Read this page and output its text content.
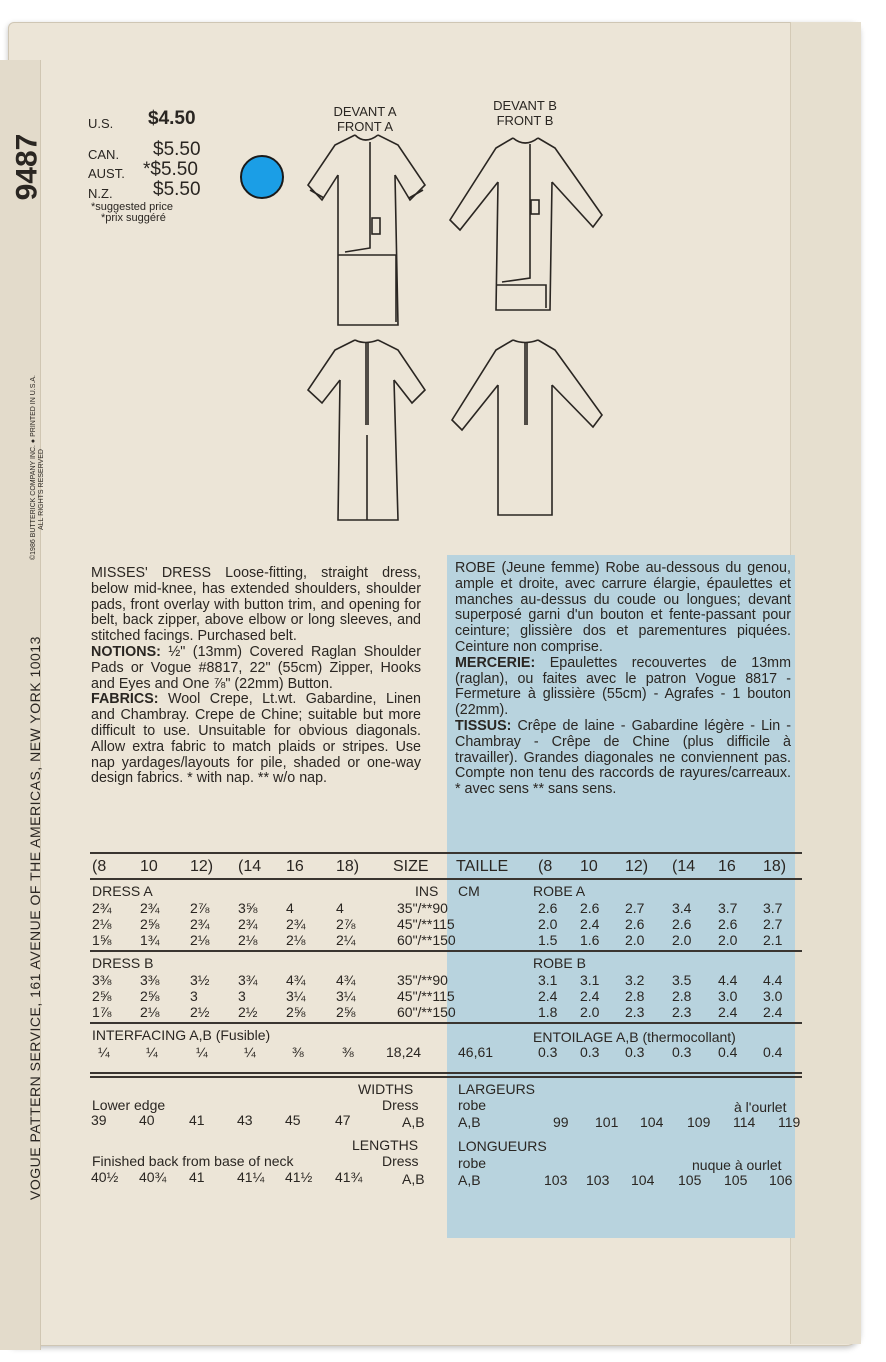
9487
VOGUE PATTERN SERVICE, 161 AVENUE OF THE AMERICAS, NEW YORK 10013
©1986 BUTTERICK COMPANY INC. ● PRINTED IN U.S.A. ALL RIGHTS RESERVED
U.S. $4.50
CAN. $5.50
AUST. *$5.50
N.Z. $5.50
*suggested price
*prix suggéré
DEVANT A
FRONT A
DEVANT B
FRONT B
MISSES' DRESS Loose-fitting, straight dress, below mid-knee, has extended shoulders, shoulder pads, front overlay with button trim, and opening for belt, back zipper, above elbow or long sleeves, and stitched facings. Purchased belt.
NOTIONS: ½" (13mm) Covered Raglan Shoulder Pads or Vogue #8817, 22" (55cm) Zipper, Hooks and Eyes and One ⅞" (22mm) Button.
FABRICS: Wool Crepe, Lt.wt. Gabardine, Linen and Chambray. Crepe de Chine; suitable but more difficult to use. Unsuitable for obvious diagonals. Allow extra fabric to match plaids or stripes. Use nap yardages/layouts for pile, shaded or one-way design fabrics. * with nap. ** w/o nap.
ROBE (Jeune femme) Robe au-dessous du genou, ample et droite, avec carrure élargie, épaulettes et manches au-dessus du coude ou longues; devant superposé garni d'un bouton et fente-passant pour ceinture; glissière dos et parementures piquées. Ceinture non comprise.
MERCERIE: Epaulettes recouvertes de 13mm (raglan), ou faites avec le patron Vogue 8817 - Fermeture à glissière (55cm) - Agrafes - 1 bouton (22mm).
TISSUS: Crêpe de laine - Gabardine légère - Lin - Chambray - Crêpe de Chine (plus difficile à travailler). Grandes diagonales ne conviennent pas. Compte non tenu des raccords de rayures/carreaux. * avec sens ** sans sens.
(8 10 12) (14 16 18) SIZE TAILLE (8 10 12) (14 16 18)
DRESS A	INS CM	ROBE A
2¾ 2¾ 2⅞ 3⅝ 4	4	35"/**90	2.6 2.6 2.7 3.4 3.7 3.7
2⅛ 2⅝ 2¾ 2¾ 2¾ 2⅞	45"/**115	2.0 2.4 2.6 2.6 2.6 2.7
1⅝ 1¾ 2⅛ 2⅛ 2⅛ 2¼	60"/**150	1.5 1.6 2.0 2.0 2.0 2.1
DRESS B	ROBE B
3⅜ 3⅜ 3½ 3¾ 4¾ 4¾	35"/**90	3.1 3.1 3.2 3.5 4.4 4.4
2⅝ 2⅝ 3	3	3¼ 3¼	45"/**115	2.4 2.4 2.8 2.8 3.0 3.0
1⅞ 2⅛ 2½ 2½ 2⅝ 2⅝	60"/**150	1.8 2.0 2.3 2.3 2.4 2.4
INTERFACING A,B (Fusible)	ENTOILAGE A,B (thermocollant)
¼	¼	¼	¼	⅜	⅜ 18,24	46,61	0.3 0.3 0.3 0.3 0.4 0.4
WIDTHS	LARGEURS
Lower edge	Dress	robe	à l'ourlet
39 40 41 43 45 47	A,B A,B	99 101 104 109 114 119
LENGTHS	LONGUEURS
Finished back from base of neck	Dress	robe	nuque à ourlet
40½ 40¾ 41 41¼ 41½ 41¾	A,B A,B	103 103 104 105 105 106
